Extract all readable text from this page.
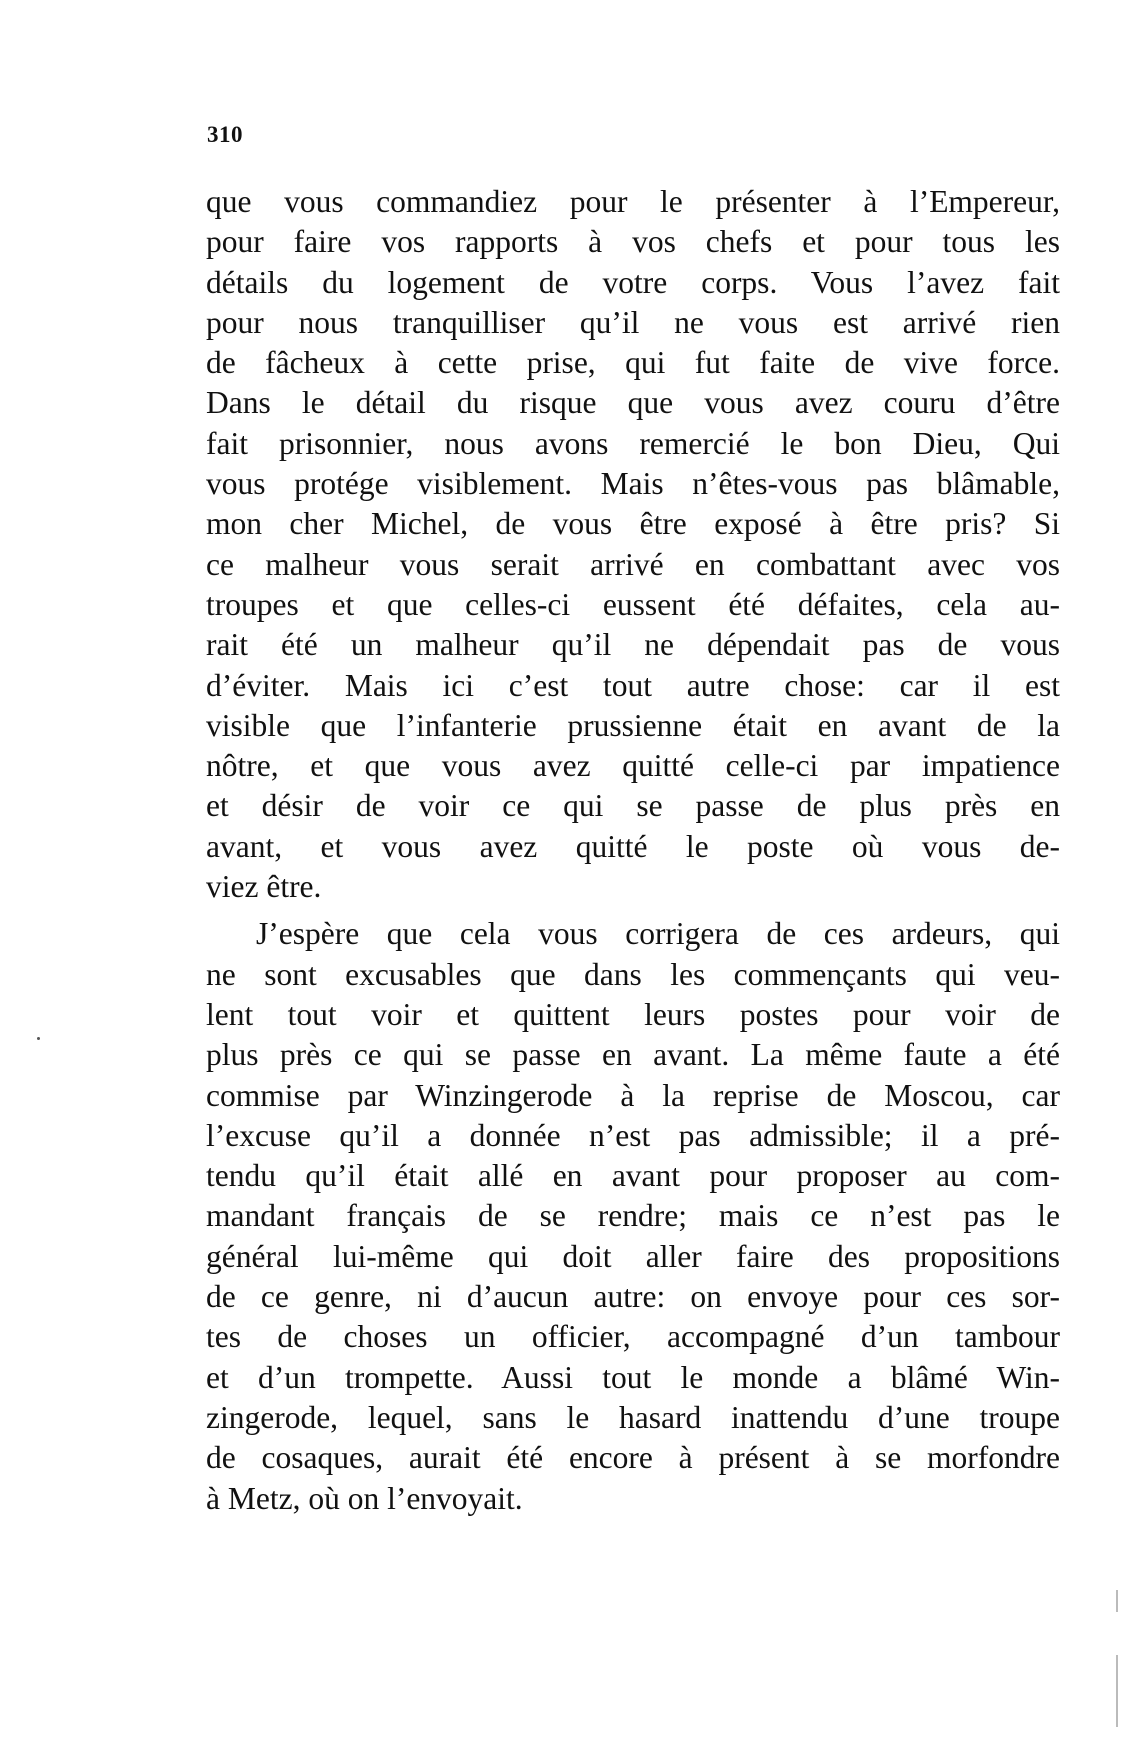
310
que vous commandiez pour le présenter à l’Empereur,
pour faire vos rapports à vos chefs et pour tous les
détails du logement de votre corps. Vous l’avez fait
pour nous tranquilliser qu’il ne vous est arrivé rien
de fâcheux à cette prise, qui fut faite de vive force.
Dans le détail du risque que vous avez couru d’être
fait prisonnier, nous avons remercié le bon Dieu, Qui
vous protége visiblement. Mais n’êtes-vous pas blâmable,
mon cher Michel, de vous être exposé à être pris? Si
ce malheur vous serait arrivé en combattant avec vos
troupes et que celles-ci eussent été défaites, cela au-
rait été un malheur qu’il ne dépendait pas de vous
d’éviter. Mais ici c’est tout autre chose: car il est
visible que l’infanterie prussienne était en avant de la
nôtre, et que vous avez quitté celle-ci par impatience
et désir de voir ce qui se passe de plus près en
avant, et vous avez quitté le poste où vous de-
viez être.
J’espère que cela vous corrigera de ces ardeurs, qui
ne sont excusables que dans les commençants qui veu-
lent tout voir et quittent leurs postes pour voir de
plus près ce qui se passe en avant. La même faute a été
commise par Winzingerode à la reprise de Moscou, car
l’excuse qu’il a donnée n’est pas admissible; il a pré-
tendu qu’il était allé en avant pour proposer au com-
mandant français de se rendre; mais ce n’est pas le
général lui-même qui doit aller faire des propositions
de ce genre, ni d’aucun autre: on envoye pour ces sor-
tes de choses un officier, accompagné d’un tambour
et d’un trompette. Aussi tout le monde a blâmé Win-
zingerode, lequel, sans le hasard inattendu d’une troupe
de cosaques, aurait été encore à présent à se morfondre
à Metz, où on l’envoyait.
